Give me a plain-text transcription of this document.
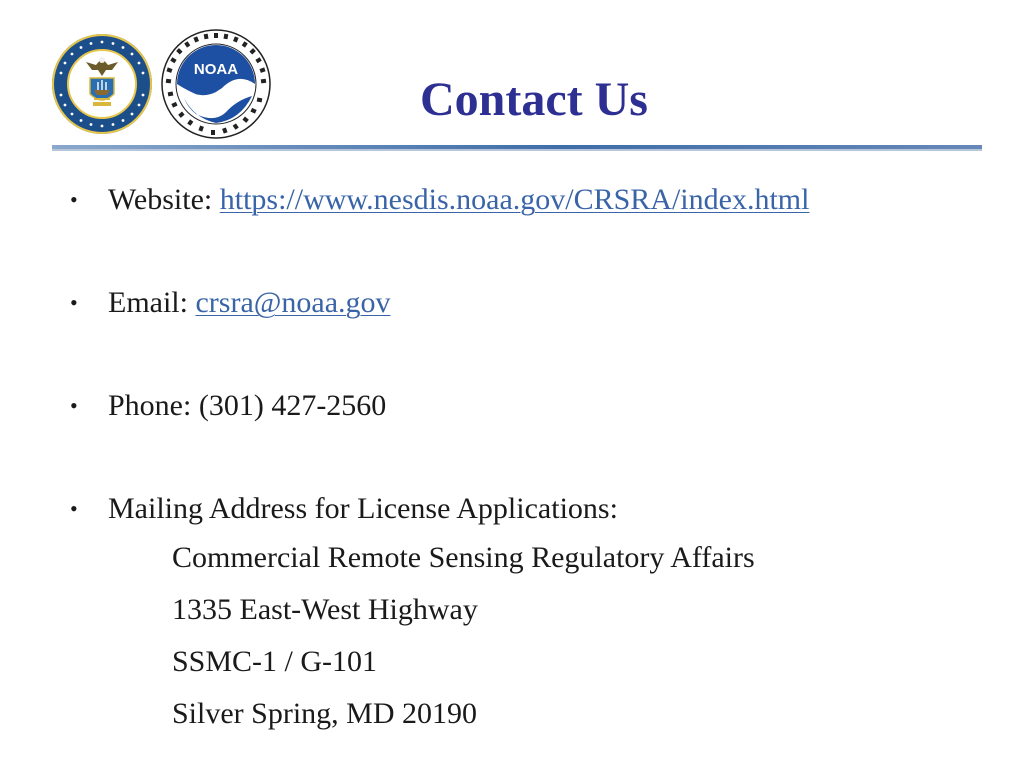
NOAA
Contact Us
• Website: https://www.nesdis.noaa.gov/CRSRA/index.html
• Email: crsra@noaa.gov
• Phone: (301) 427-2560
• Mailing Address for License Applications:
Commercial Remote Sensing Regulatory Affairs
1335 East-West Highway
SSMC-1 / G-101
Silver Spring, MD 20190
